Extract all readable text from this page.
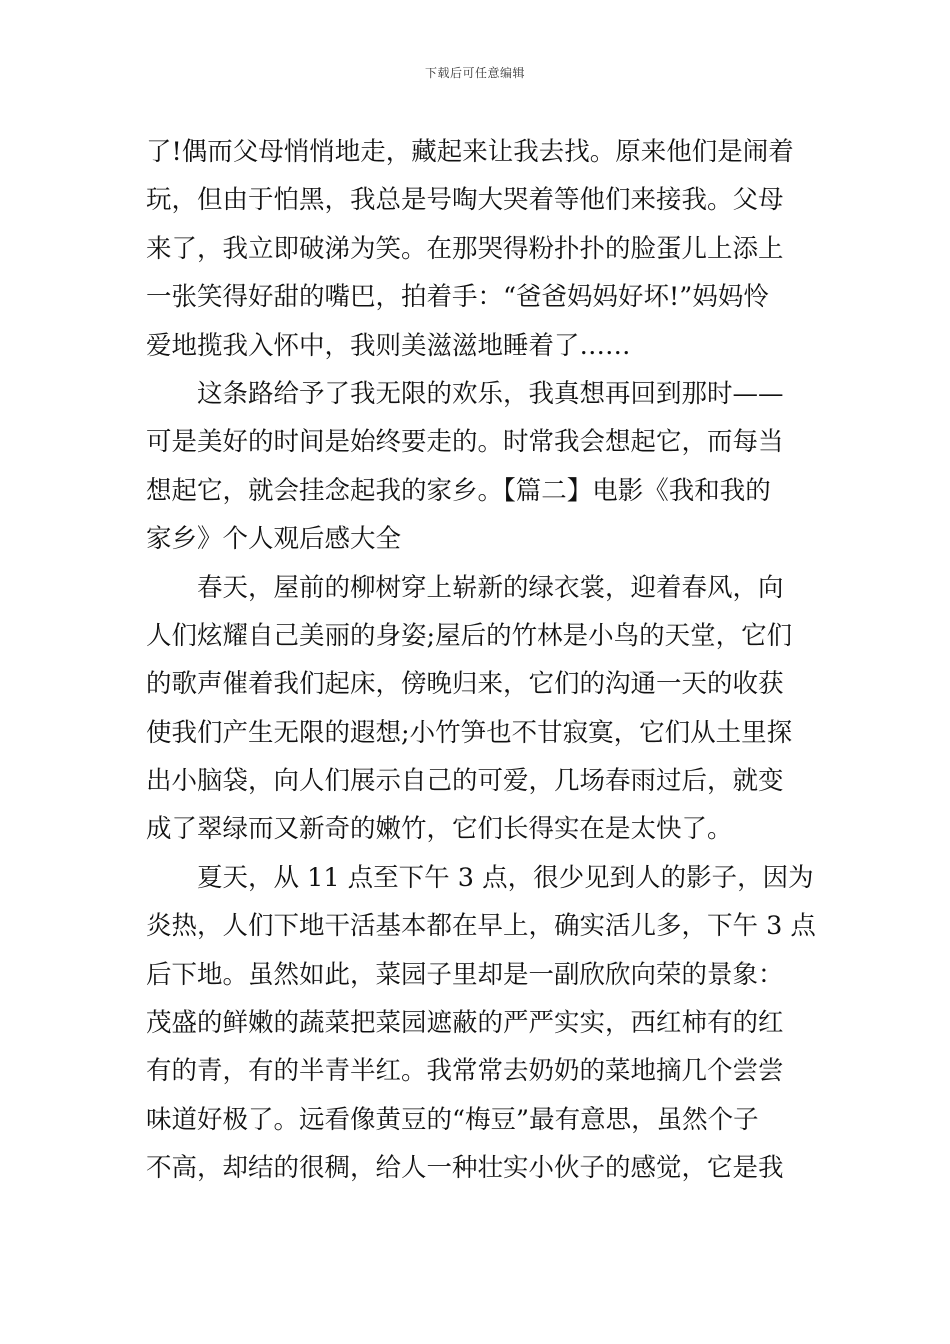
下载后可任意编辑
了!偶而父母悄悄地走，藏起来让我去找。原来他们是闹着
玩，但由于怕黑，我总是号啕大哭着等他们来接我。父母
来了，我立即破涕为笑。在那哭得粉扑扑的脸蛋儿上添上
一张笑得好甜的嘴巴，拍着手：“爸爸妈妈好坏!”妈妈怜
爱地揽我入怀中，我则美滋滋地睡着了……
这条路给予了我无限的欢乐，我真想再回到那时——
可是美好的时间是始终要走的。时常我会想起它，而每当
想起它，就会挂念起我的家乡。【篇二】电影《我和我的
家乡》个人观后感大全
春天，屋前的柳树穿上崭新的绿衣裳，迎着春风，向
人们炫耀自己美丽的身姿;屋后的竹林是小鸟的天堂，它们
的歌声催着我们起床，傍晚归来，它们的沟通一天的收获
使我们产生无限的遐想;小竹笋也不甘寂寞，它们从土里探
出小脑袋，向人们展示自己的可爱，几场春雨过后，就变
成了翠绿而又新奇的嫩竹，它们长得实在是太快了。
夏天，从 11 点至下午 3 点，很少见到人的影子，因为
炎热，人们下地干活基本都在早上，确实活儿多，下午 3 点
后下地。虽然如此，菜园子里却是一副欣欣向荣的景象：
茂盛的鲜嫩的蔬菜把菜园遮蔽的严严实实，西红柿有的红
有的青，有的半青半红。我常常去奶奶的菜地摘几个尝尝
味道好极了。远看像黄豆的“梅豆”最有意思，虽然个子
不高，却结的很稠，给人一种壮实小伙子的感觉，它是我
